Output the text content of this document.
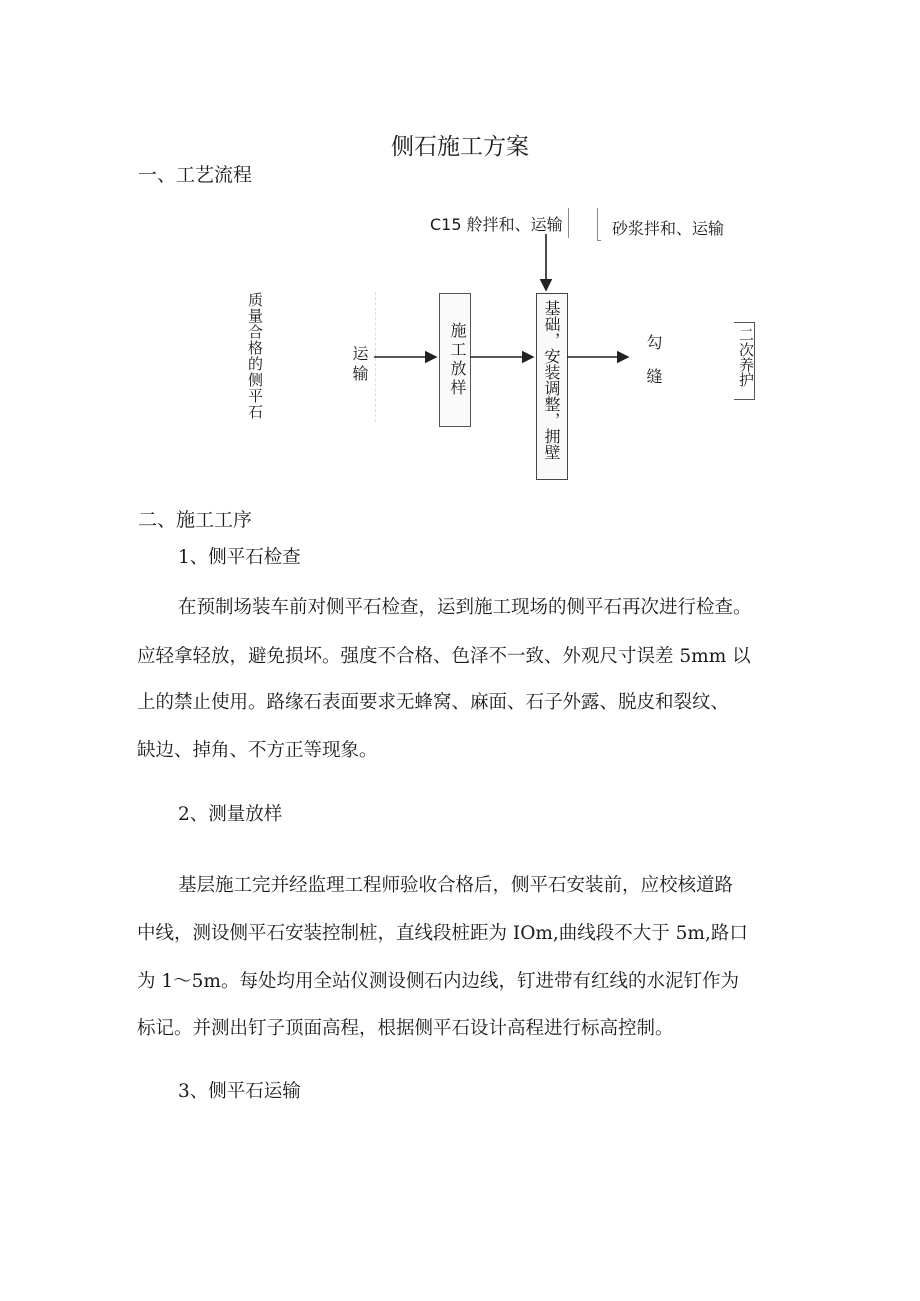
侧石施工方案
一、工艺流程
C15 舲拌和、运输	砂浆拌和、运输
质量合格的侧平石	运输	施工放样	基础，安装调整，拥壁	勾缝	二次养护
二、施工工序
1、侧平石检查
在预制场装车前对侧平石检查，运到施工现场的侧平石再次进行检查。
应轻拿轻放，避免损坏。强度不合格、色泽不一致、外观尺寸误差 5mm 以
上的禁止使用。路缘石表面要求无蜂窝、麻面、石子外露、脱皮和裂纹、
缺边、掉角、不方正等现象。
2、测量放样
基层施工完并经监理工程师验收合格后，侧平石安装前，应校核道路
中线，测设侧平石安装控制桩，直线段桩距为 IOm,曲线段不大于 5m,路口
为 1～5m。每处均用全站仪测设侧石内边线，钉进带有红线的水泥钉作为
标记。并测出钉子顶面高程，根据侧平石设计高程进行标高控制。
3、侧平石运输
